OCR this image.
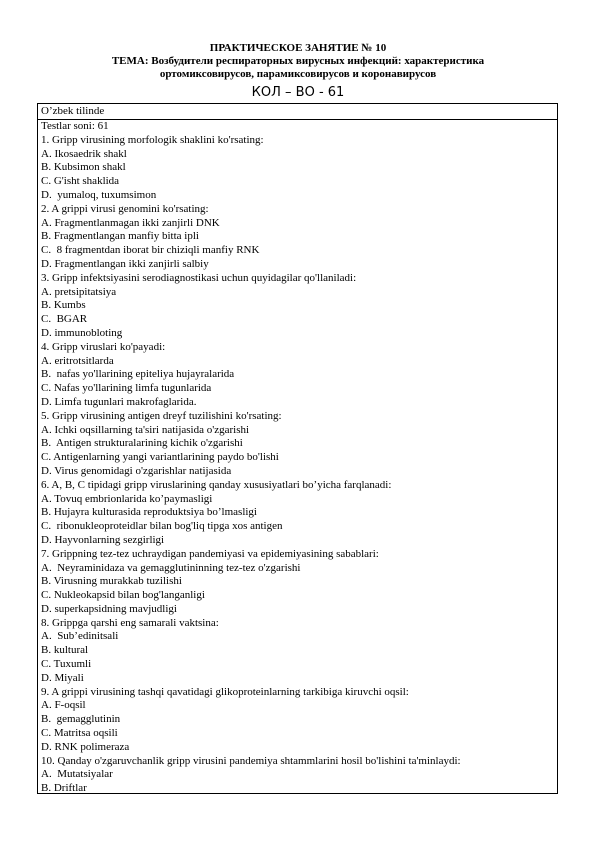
ПРАКТИЧЕСКОЕ ЗАНЯТИЕ № 10
ТЕМА: Возбудители респираторных вирусных инфекций: характеристика
ортомиксовирусов, парамиксовирусов и коронавирусов
КОЛ – ВО - 61
O’zbek tilinde
Testlar soni: 61
1. Gripp virusining morfologik shaklini ko'rsating:
A. Ikosaedrik shakl
B. Kubsimon shakl
C. G'isht shaklida
D.  yumaloq, tuxumsimon
2. A grippi virusi genomini ko'rsating:
A. Fragmentlanmagan ikki zanjirli DNK
B. Fragmentlangan manfiy bitta ipli
C.  8 fragmentdan iborat bir chiziqli manfiy RNK
D. Fragmentlangan ikki zanjirli salbiy
3. Gripp infektsiyasini serodiagnostikasi uchun quyidagilar qo'llaniladi:
A. pretsipitatsiya
B. Kumbs
C.  BGAR
D. immunobloting
4. Gripp viruslari ko'payadi:
A. eritrotsitlarda
B.  nafas yo'llarining epiteliya hujayralarida
C. Nafas yo'llarining limfa tugunlarida
D. Limfa tugunlari makrofaglarida.
5. Gripp virusining antigen dreyf tuzilishini ko'rsating:
A. Ichki oqsillarning ta'siri natijasida o'zgarishi
B.  Antigen strukturalarining kichik o'zgarishi
C. Antigenlarning yangi variantlarining paydo bo'lishi
D. Virus genomidagi o'zgarishlar natijasida
6. A, B, C tipidagi gripp viruslarining qanday xususiyatlari bo’yicha farqlanadi:
A. Tovuq embrionlarida ko’paymasligi
B. Hujayra kulturasida reproduktsiya bo’lmasligi
C.  ribonukleoproteidlar bilan bog'liq tipga xos antigen
D. Hayvonlarning sezgirligi
7. Grippning tez-tez uchraydigan pandemiyasi va epidemiyasining sabablari:
A.  Neyraminidaza va gemagglutininning tez-tez o'zgarishi
B. Virusning murakkab tuzilishi
C. Nukleokapsid bilan bog'langanligi
D. superkapsidning mavjudligi
8. Grippga qarshi eng samarali vaktsina:
A.  Sub’edinitsali
B. kultural
C. Tuxumli
D. Miyali
9. A grippi virusining tashqi qavatidagi glikoproteinlarning tarkibiga kiruvchi oqsil:
A. F-oqsil
B.  gemagglutinin
C. Matritsa oqsili
D. RNK polimeraza
10. Qanday o'zgaruvchanlik gripp virusini pandemiya shtammlarini hosil bo'lishini ta'minlaydi:
A.  Mutatsiyalar
B. Driftlar
